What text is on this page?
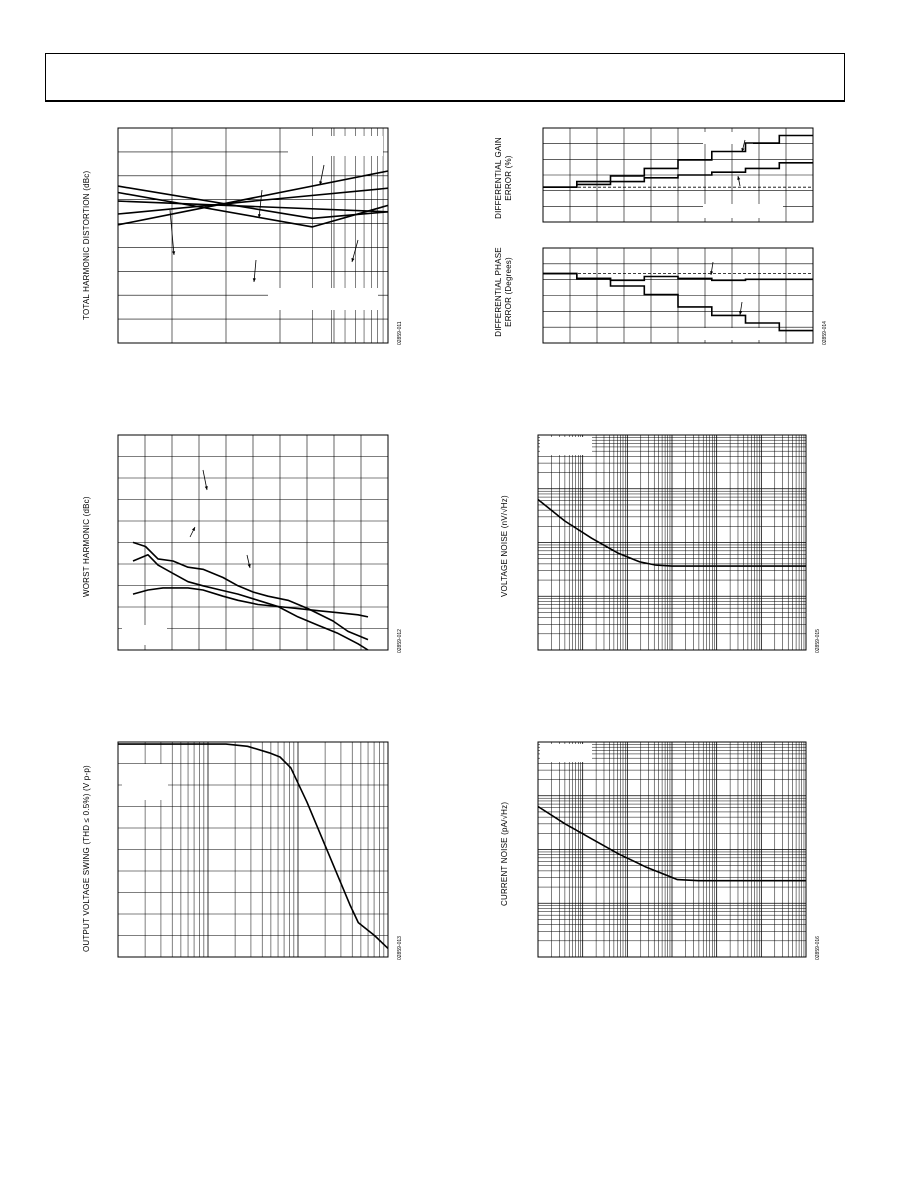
TOTAL HARMONIC DISTORTION (dBc)
02859-011
DIFFERENTIAL GAIN ERROR (%)
DIFFERENTIAL PHASE ERROR (Degrees)
02859-014
WORST HARMONIC (dBc)
02859-012
VOLTAGE NOISE (nV/√Hz)
02859-015
OUTPUT VOLTAGE SWING (THD ≤ 0.5%) (V p-p)	02859-013
CURRENT NOISE (pA/√Hz)
02859-016
